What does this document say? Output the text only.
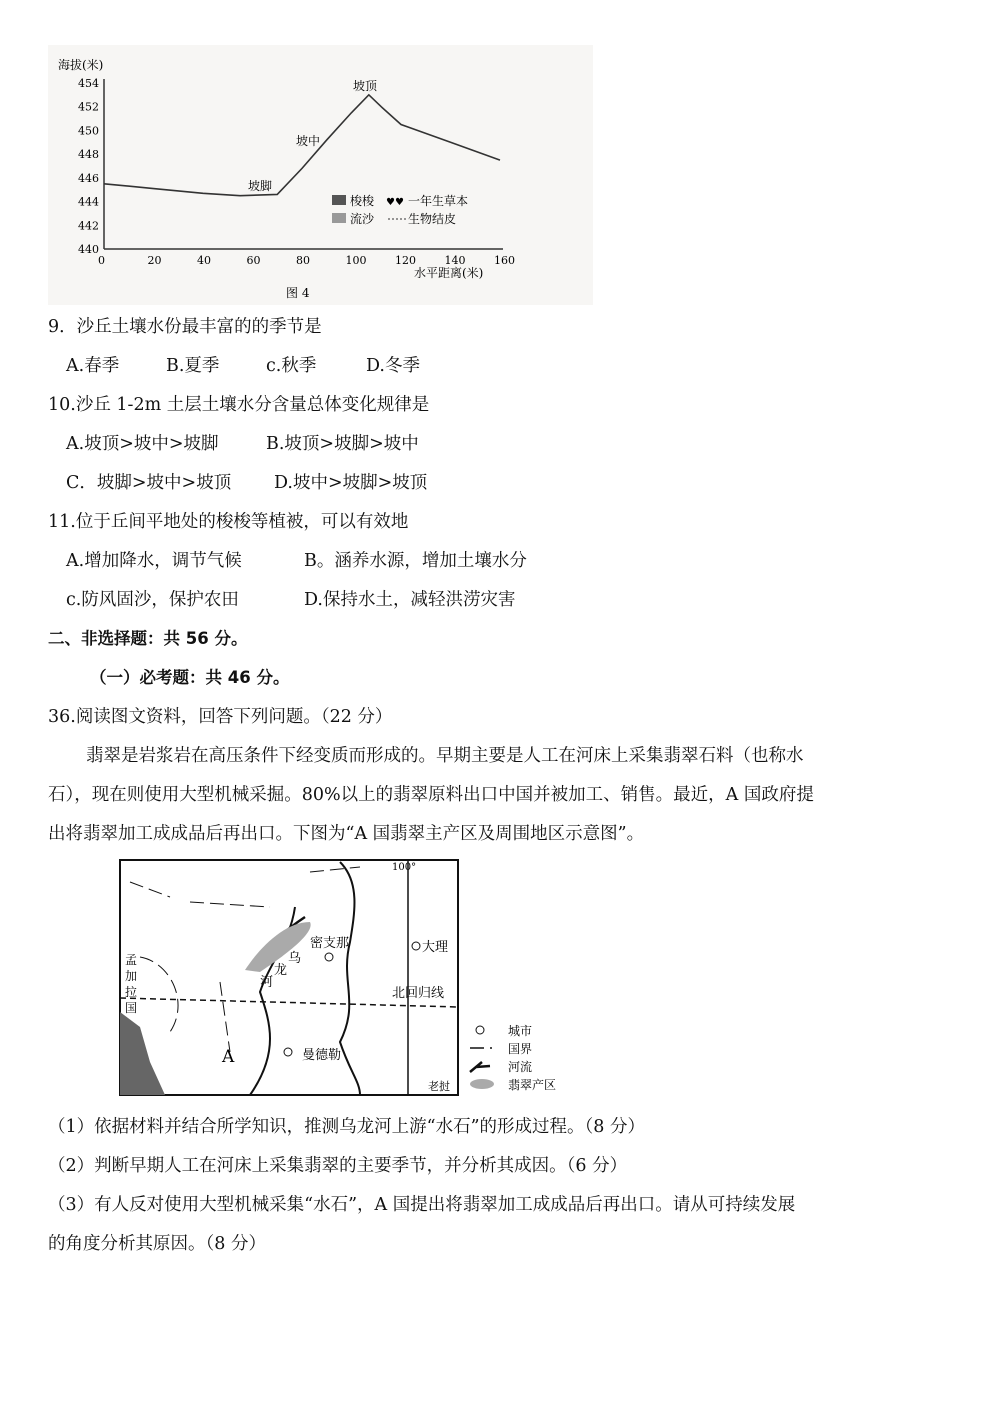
海拔(米)
454
452
450
448
446
444
442
440
0	20	40	60	80	100	120	140	160
坡顶
坡中
坡脚
梭梭 ♥♥ 一年生草本
流沙	生物结皮
水平距离(米)
图 4
9．沙丘土壤水份最丰富的的季节是
A.春季	B.夏季	c.秋季	D.冬季
10.沙丘 1-2m 土层土壤水分含量总体变化规律是
A.坡顶>坡中>坡脚	B.坡顶>坡脚>坡中
C．坡脚>坡中>坡顶 D.坡中>坡脚>坡顶
11.位于丘间平地处的梭梭等植被，可以有效地
A.增加降水，调节气候	B。涵养水源，增加土壤水分
c.防风固沙，保护农田	D.保持水土，减轻洪涝灾害
二、非选择题：共 56 分。
（一）必考题：共 46 分。
36.阅读图文资料，回答下列问题。（22 分）
翡翠是岩浆岩在高压条件下经变质而形成的。早期主要是人工在河床上采集翡翠石料（也称水
石），现在则使用大型机械采掘。80%以上的翡翠原料出口中国并被加工、销售。最近，A 国政府提
出将翡翠加工成成品后再出口。下图为“A 国翡翠主产区及周围地区示意图”。
100°
大理
密支那
乌
龙
河
孟
加
拉
国
北回归线
A	曼德勒
老挝
城市
国界
河流
翡翠产区
（1）依据材料并结合所学知识，推测乌龙河上游“水石”的形成过程。（8 分）
（2）判断早期人工在河床上采集翡翠的主要季节，并分析其成因。（6 分）
（3）有人反对使用大型机械采集“水石”，A 国提出将翡翠加工成成品后再出口。请从可持续发展
的角度分析其原因。（8 分）
